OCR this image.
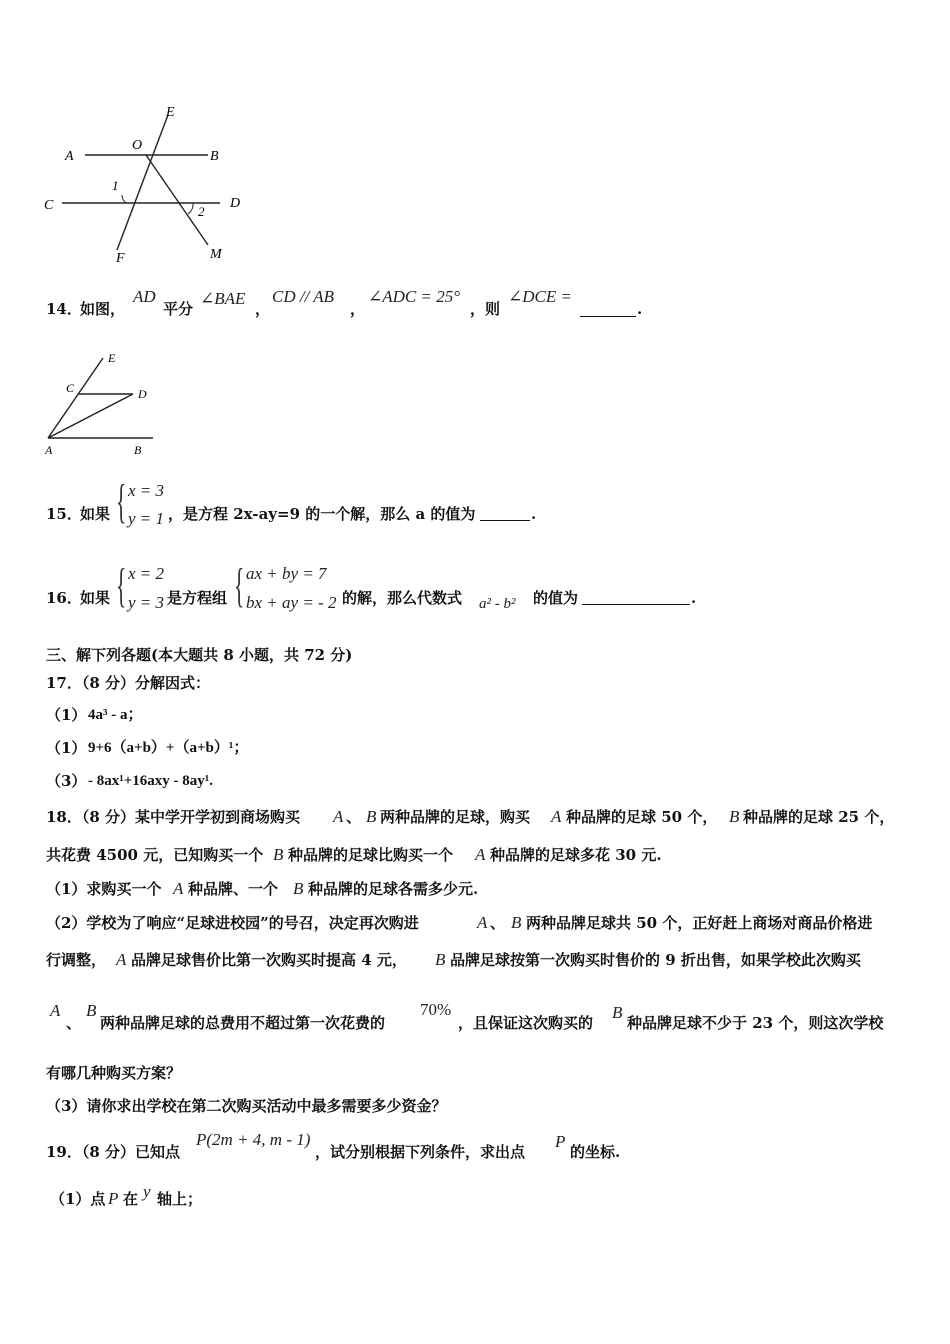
E
O
A	B
C	D
F	M
1
2
14．
如图，
AD
平分
∠BAE
，
CD // AB
，
∠ADC = 25°
，则
∠DCE =
.
E
C	D
A	B
15．
如果 { x = 3
y = 1 ，是方程 2x-ay=9 的一个解，那么 a 的值为	.
16．
如果 { x = 2
y = 3 是方程组 { ax + by = 7
bx + ay = - 2 的解，那么代数式 a² - b² 的值为	.
三、解下列各题(本大题共 8 小题，共 72 分)
17．（8 分）分解因式：
（1） 4a³ - a；
（1） 9+6（a+b）+（a+b）¹；
（3） - 8ax¹+16axy - 8ay¹.
18．（8 分）某中学开学初到商场购买 A 、 B 两种品牌的足球，购买 A 种品牌的足球 50 个， B 种品牌的足球 25 个，
共花费 4500 元，已知购买一个 B 种品牌的足球比购买一个 A 种品牌的足球多花 30 元.
（1）求购买一个 A 种品牌、一个 B 种品牌的足球各需多少元.
（2）学校为了响应“足球进校园”的号召，决定再次购进	A 、 B 两种品牌足球共 50 个，正好赶上商场对商品价格进
行调整， A 品牌足球售价比第一次购买时提高 4 元， B 品牌足球按第一次购买时售价的 9 折出售，如果学校此次购买
A
、
B
两种品牌足球的总费用不超过第一次花费的
70%
，且保证这次购买的
B
种品牌足球不少于 23 个，则这次学校
有哪几种购买方案？
（3）请你求出学校在第二次购买活动中最多需要多少资金？
19．（8 分）已知点
P(2m + 4, m - 1)
，试分别根据下列条件，求出点
P
的坐标.
（1）点 P 在 y 轴上；
